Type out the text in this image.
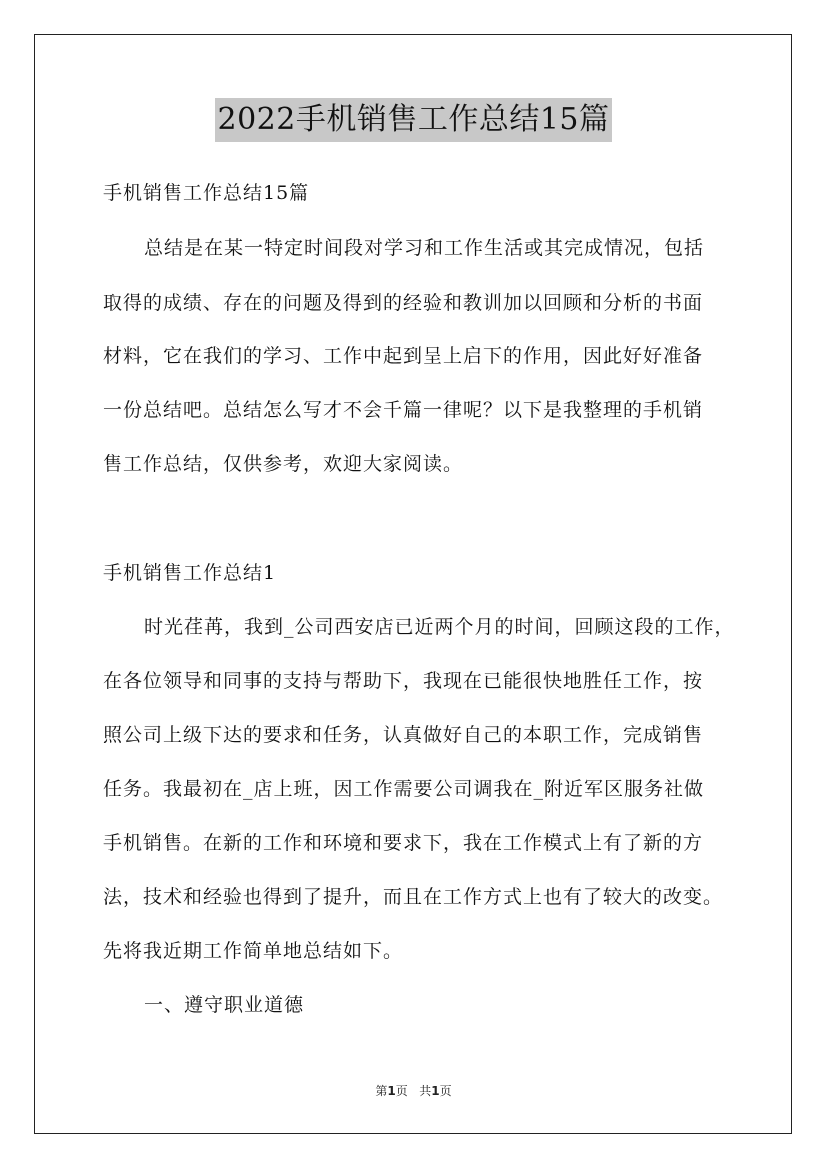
2022手机销售工作总结15篇
手机销售工作总结15篇
总结是在某一特定时间段对学习和工作生活或其完成情况，包括
取得的成绩、存在的问题及得到的经验和教训加以回顾和分析的书面
材料，它在我们的学习、工作中起到呈上启下的作用，因此好好准备
一份总结吧。总结怎么写才不会千篇一律呢？以下是我整理的手机销
售工作总结，仅供参考，欢迎大家阅读。
手机销售工作总结1
时光荏苒，我到_公司西安店已近两个月的时间，回顾这段的工作，
在各位领导和同事的支持与帮助下，我现在已能很快地胜任工作，按
照公司上级下达的要求和任务，认真做好自己的本职工作，完成销售
任务。我最初在_店上班，因工作需要公司调我在_附近军区服务社做
手机销售。在新的工作和环境和要求下，我在工作模式上有了新的方
法，技术和经验也得到了提升，而且在工作方式上也有了较大的改变。
先将我近期工作简单地总结如下。
一、遵守职业道德
第1页 共1页
